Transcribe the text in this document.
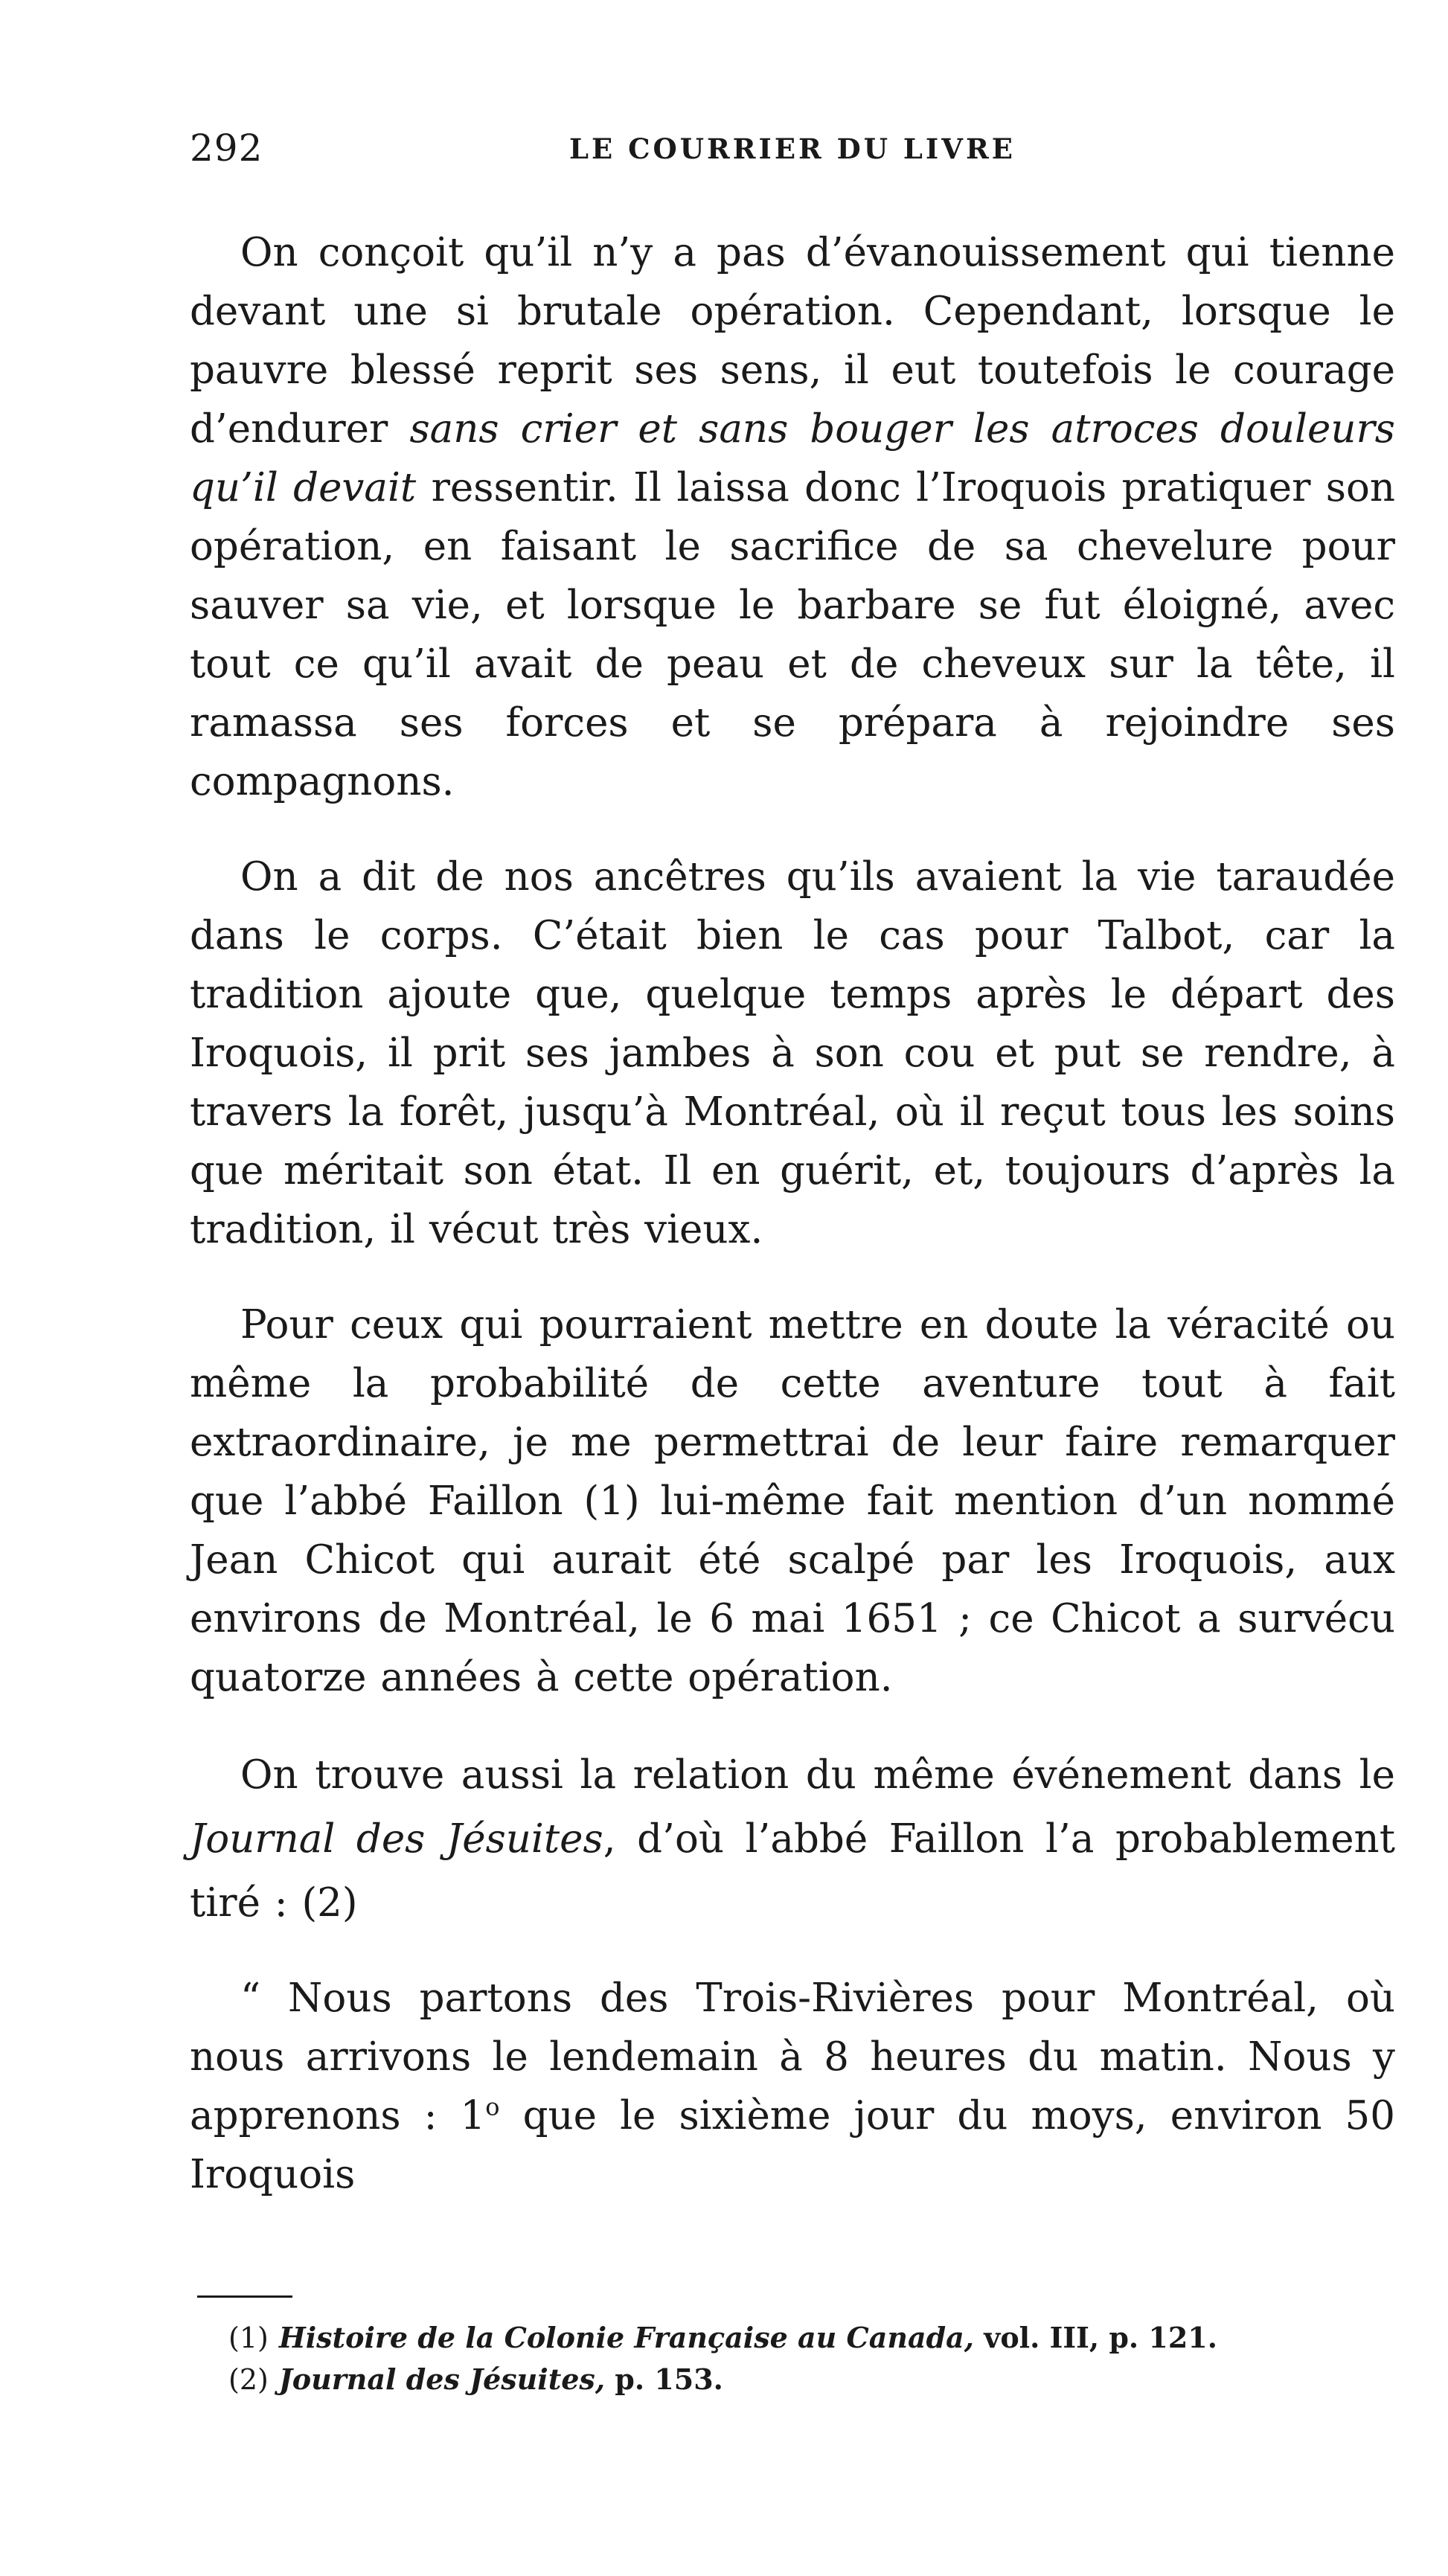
292	LE COURRIER DU LIVRE

On conçoit qu’il n’y a pas d’évanouissement qui tienne devant une si brutale opération. Cependant, lorsque le pauvre blessé reprit ses sens, il eut toutefois le courage d’endurer sans crier et sans bouger les atroces douleurs qu’il devait ressentir. Il laissa donc l’Iroquois pratiquer son opération, en faisant le sacrifice de sa chevelure pour sauver sa vie, et lorsque le barbare se fut éloigné, avec tout ce qu’il avait de peau et de cheveux sur la tête, il ramassa ses forces et se prépara à rejoindre ses compagnons.

On a dit de nos ancêtres qu’ils avaient la vie taraudée dans le corps. C’était bien le cas pour Talbot, car la tradition ajoute que, quelque temps après le départ des Iroquois, il prit ses jambes à son cou et put se rendre, à travers la forêt, jusqu’à Montréal, où il reçut tous les soins que méritait son état. Il en guérit, et, toujours d’après la tradition, il vécut très vieux.

Pour ceux qui pourraient mettre en doute la véracité ou même la probabilité de cette aventure tout à fait extraordinaire, je me permettrai de leur faire remarquer que l’abbé Faillon (1) lui-même fait mention d’un nommé Jean Chicot qui aurait été scalpé par les Iroquois, aux environs de Montréal, le 6 mai 1651 ; ce Chicot a survécu quatorze années à cette opération.

On trouve aussi la relation du même événement dans le Journal des Jésuites, d’où l’abbé Faillon l’a probablement tiré : (2)

“ Nous partons des Trois-Rivières pour Montréal, où nous arrivons le lendemain à 8 heures du matin. Nous y apprenons : 1$^o$ que le sixième jour du moys, environ 50 Iroquois

(1) Histoire de la Colonie Française au Canada, vol. III, p. 121.
(2) Journal des Jésuites, p. 153.
